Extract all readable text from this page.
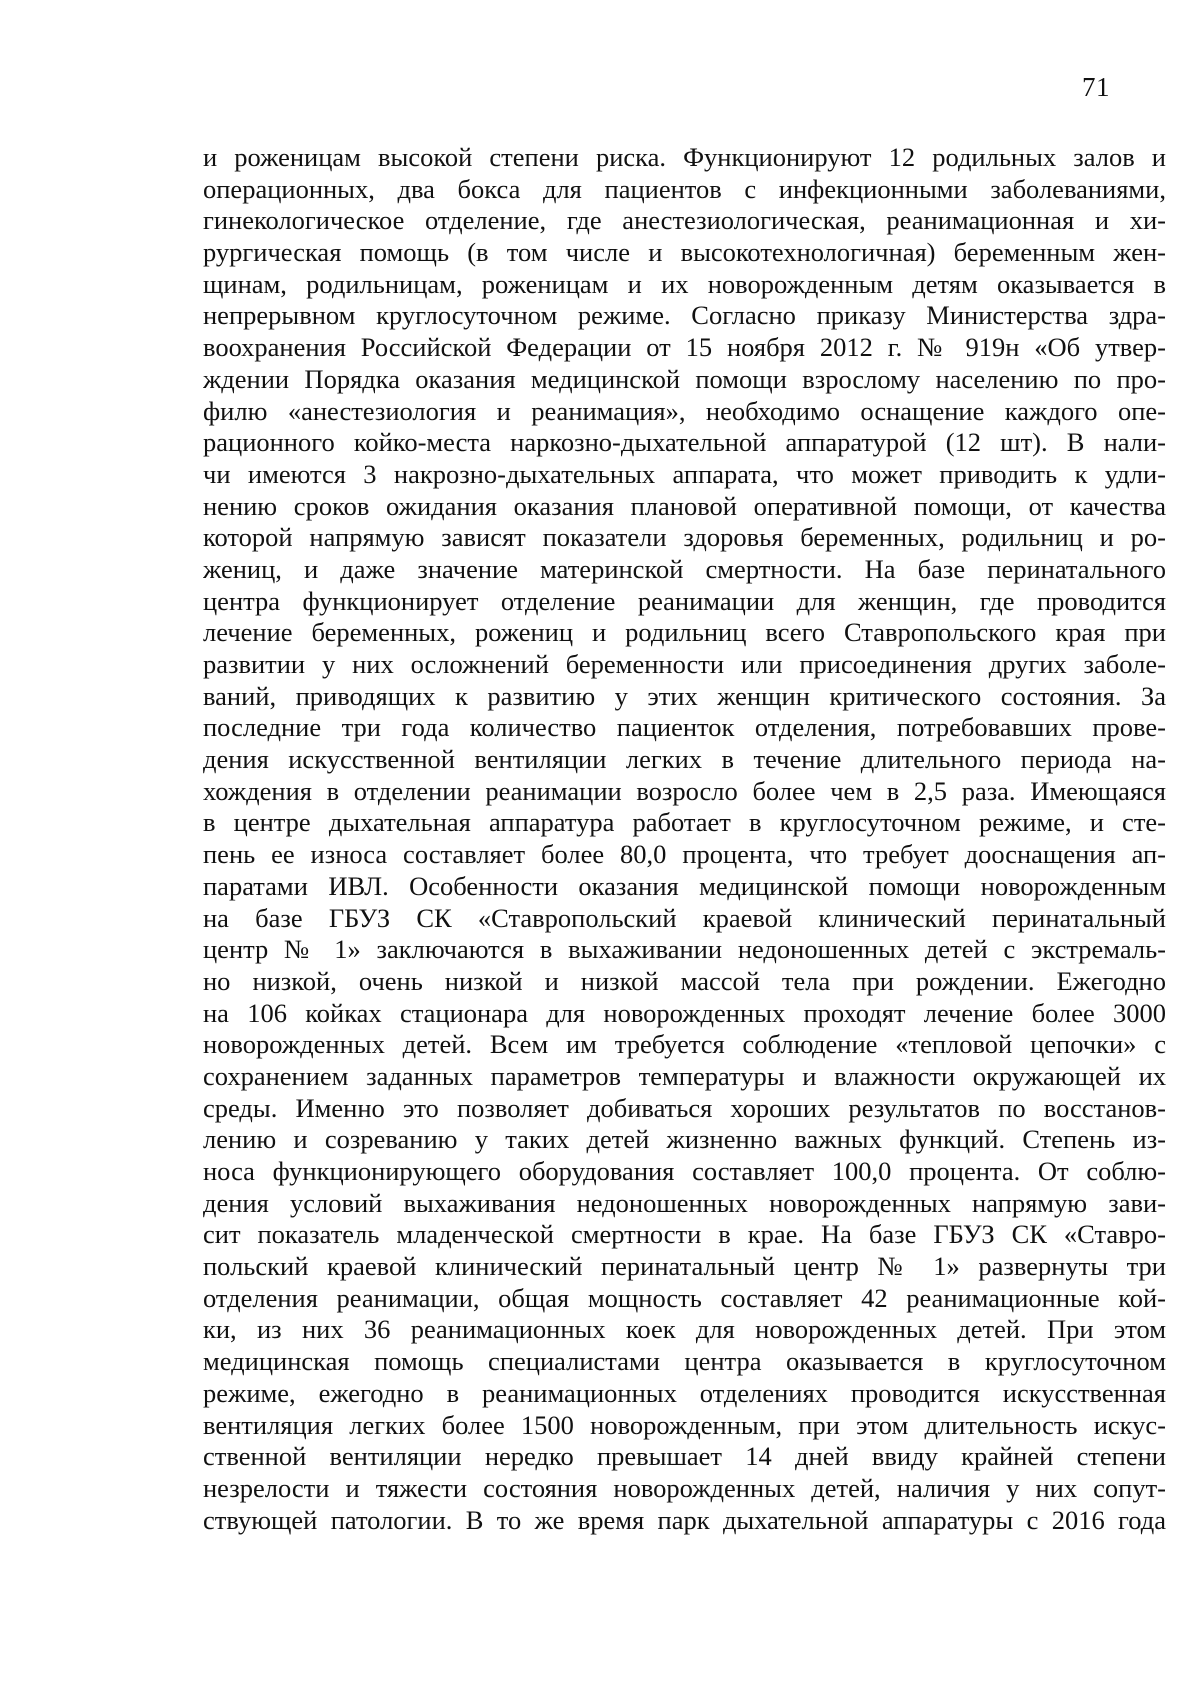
71
и роженицам высокой степени риска. Функционируют 12 родильных залов и
операционных, два бокса для пациентов с инфекционными заболеваниями,
гинекологическое отделение, где анестезиологическая, реанимационная и хи-
рургическая помощь (в том числе и высокотехнологичная) беременным жен-
щинам, родильницам, роженицам и их новорожденным детям оказывается в
непрерывном круглосуточном режиме. Согласно приказу Министерства здра-
воохранения Российской Федерации от 15 ноября 2012 г. № 919н «Об утвер-
ждении Порядка оказания медицинской помощи взрослому населению по про-
филю «анестезиология и реанимация», необходимо оснащение каждого опе-
рационного койко-места наркозно-дыхательной аппаратурой (12 шт). В нали-
чи имеются 3 накрозно-дыхательных аппарата, что может приводить к удли-
нению сроков ожидания оказания плановой оперативной помощи, от качества
которой напрямую зависят показатели здоровья беременных, родильниц и ро-
жениц, и даже значение материнской смертности. На базе перинатального
центра функционирует отделение реанимации для женщин, где проводится
лечение беременных, рожениц и родильниц всего Ставропольского края при
развитии у них осложнений беременности или присоединения других заболе-
ваний, приводящих к развитию у этих женщин критического состояния. За
последние три года количество пациенток отделения, потребовавших прове-
дения искусственной вентиляции легких в течение длительного периода на-
хождения в отделении реанимации возросло более чем в 2,5 раза. Имеющаяся
в центре дыхательная аппаратура работает в круглосуточном режиме, и сте-
пень ее износа составляет более 80,0 процента, что требует дооснащения ап-
паратами ИВЛ. Особенности оказания медицинской помощи новорожденным
на базе ГБУЗ СК «Ставропольский краевой клинический перинатальный
центр № 1» заключаются в выхаживании недоношенных детей с экстремаль-
но низкой, очень низкой и низкой массой тела при рождении. Ежегодно
на 106 койках стационара для новорожденных проходят лечение более 3000
новорожденных детей. Всем им требуется соблюдение «тепловой цепочки» с
сохранением заданных параметров температуры и влажности окружающей их
среды. Именно это позволяет добиваться хороших результатов по восстанов-
лению и созреванию у таких детей жизненно важных функций. Степень из-
носа функционирующего оборудования составляет 100,0 процента. От соблю-
дения условий выхаживания недоношенных новорожденных напрямую зави-
сит показатель младенческой смертности в крае. На базе ГБУЗ СК «Ставро-
польский краевой клинический перинатальный центр № 1» развернуты три
отделения реанимации, общая мощность составляет 42 реанимационные кой-
ки, из них 36 реанимационных коек для новорожденных детей. При этом
медицинская помощь специалистами центра оказывается в круглосуточном
режиме, ежегодно в реанимационных отделениях проводится искусственная
вентиляция легких более 1500 новорожденным, при этом длительность искус-
ственной вентиляции нередко превышает 14 дней ввиду крайней степени
незрелости и тяжести состояния новорожденных детей, наличия у них сопут-
ствующей патологии. В то же время парк дыхательной аппаратуры с 2016 года
